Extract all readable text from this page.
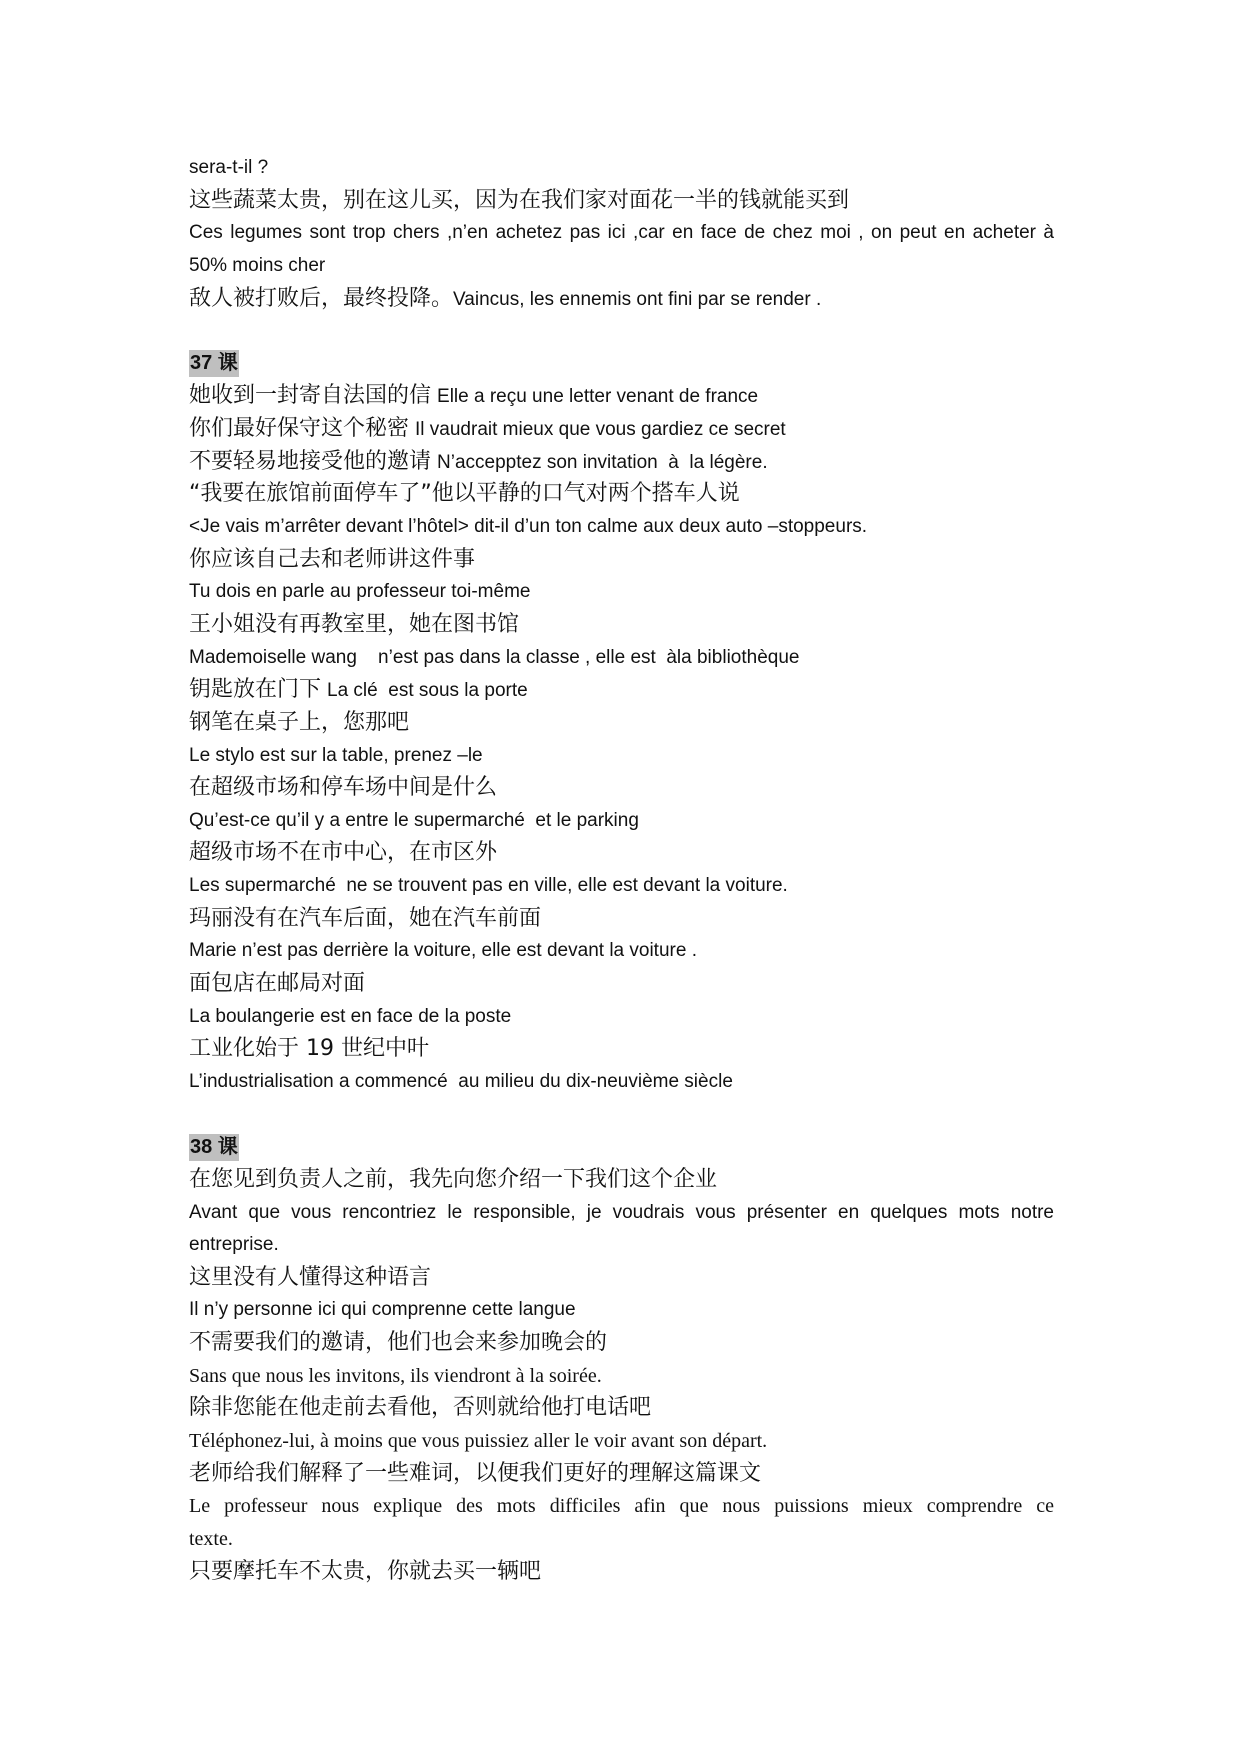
sera-t-il ?
这些蔬菜太贵，别在这儿买，因为在我们家对面花一半的钱就能买到
Ces legumes sont trop chers ,n’en achetez pas ici ,car en face de chez moi , on peut en acheter à
50% moins cher
敌人被打败后，最终投降。Vaincus, les ennemis ont fini par se render .
37 课
她收到一封寄自法国的信 Elle a reçu une letter venant de france
你们最好保守这个秘密 Il vaudrait mieux que vous gardiez ce secret
不要轻易地接受他的邀请 N’accepptez son invitation  à  la légère.
“我要在旅馆前面停车了”他以平静的口气对两个搭车人说
<Je vais m’arrêter devant l’hôtel> dit-il d’un ton calme aux deux auto –stoppeurs.
你应该自己去和老师讲这件事
Tu dois en parle au professeur toi-même
王小姐没有再教室里，她在图书馆
Mademoiselle wang    n’est pas dans la classe , elle est  àla bibliothèque
钥匙放在门下 La clé  est sous la porte
钢笔在桌子上，您那吧
Le stylo est sur la table, prenez –le
在超级市场和停车场中间是什么
Qu’est-ce qu’il y a entre le supermarché  et le parking
超级市场不在市中心，在市区外
Les supermarché  ne se trouvent pas en ville, elle est devant la voiture.
玛丽没有在汽车后面，她在汽车前面
Marie n’est pas derrière la voiture, elle est devant la voiture .
面包店在邮局对面
La boulangerie est en face de la poste
工业化始于 19 世纪中叶
L’industrialisation a commencé  au milieu du dix-neuvième siècle
38 课
在您见到负责人之前，我先向您介绍一下我们这个企业
Avant que vous rencontriez le responsible, je voudrais vous présenter en quelques mots notre
entreprise.
这里没有人懂得这种语言
Il n’y personne ici qui comprenne cette langue
不需要我们的邀请，他们也会来参加晚会的
Sans que nous les invitons, ils viendront à la soirée.
除非您能在他走前去看他，否则就给他打电话吧
Téléphonez-lui, à moins que vous puissiez aller le voir avant son départ.
老师给我们解释了一些难词，以便我们更好的理解这篇课文
Le professeur nous explique des mots difficiles afin que nous puissions mieux comprendre ce
texte.
只要摩托车不太贵，你就去买一辆吧
